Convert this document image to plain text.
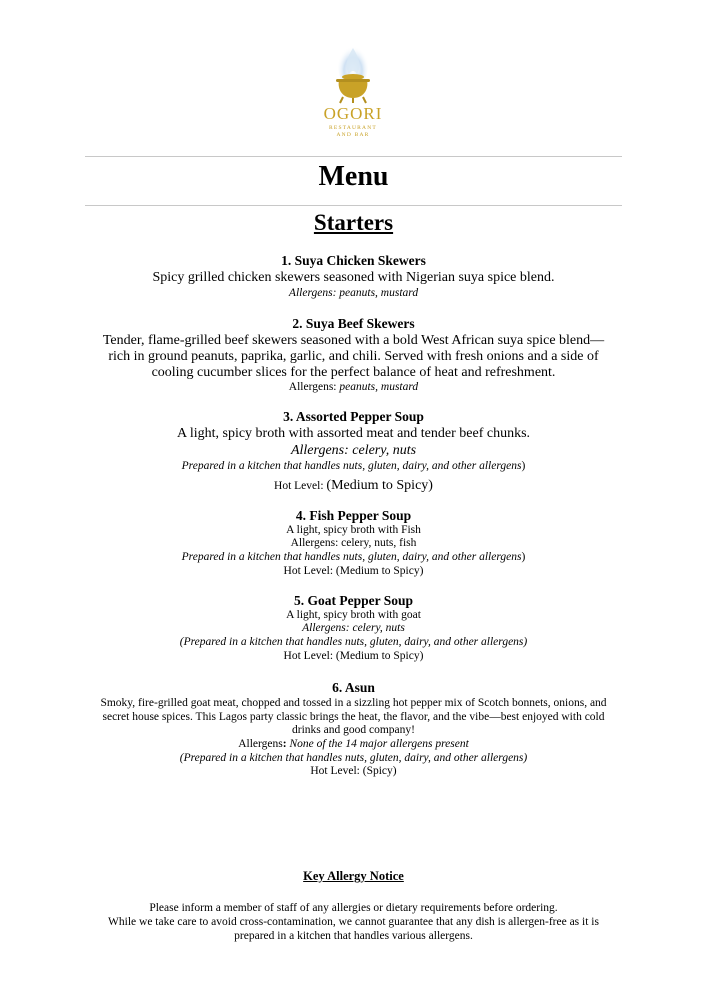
OGORI
RESTAURANT
AND BAR
Menu
Starters
1. Suya Chicken Skewers
Spicy grilled chicken skewers seasoned with Nigerian suya spice blend.
Allergens: peanuts, mustard
2. Suya Beef Skewers
Tender, flame-grilled beef skewers seasoned with a bold West African suya spice blend—
rich in ground peanuts, paprika, garlic, and chili. Served with fresh onions and a side of
cooling cucumber slices for the perfect balance of heat and refreshment.
Allergens: peanuts, mustard
3. Assorted Pepper Soup
A light, spicy broth with assorted meat and tender beef chunks.
Allergens: celery, nuts
Prepared in a kitchen that handles nuts, gluten, dairy, and other allergens)
Hot Level: (Medium to Spicy)
4. Fish Pepper Soup
A light, spicy broth with Fish
Allergens: celery, nuts, fish
Prepared in a kitchen that handles nuts, gluten, dairy, and other allergens)
Hot Level: (Medium to Spicy)
5. Goat Pepper Soup
A light, spicy broth with goat
Allergens: celery, nuts
(Prepared in a kitchen that handles nuts, gluten, dairy, and other allergens)
Hot Level: (Medium to Spicy)
6. Asun
Smoky, fire-grilled goat meat, chopped and tossed in a sizzling hot pepper mix of Scotch bonnets, onions, and
secret house spices. This Lagos party classic brings the heat, the flavor, and the vibe—best enjoyed with cold
drinks and good company!
Allergens: None of the 14 major allergens present
(Prepared in a kitchen that handles nuts, gluten, dairy, and other allergens)
Hot Level: (Spicy)
Key Allergy Notice
Please inform a member of staff of any allergies or dietary requirements before ordering.
While we take care to avoid cross-contamination, we cannot guarantee that any dish is allergen-free as it is
prepared in a kitchen that handles various allergens.
